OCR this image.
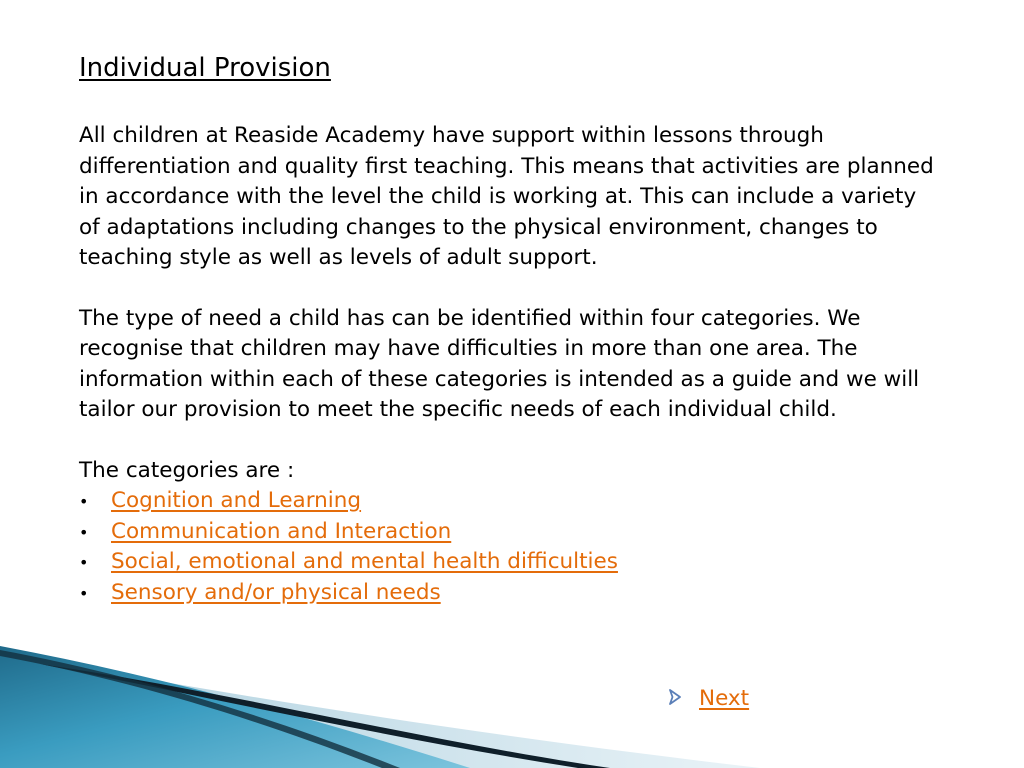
Individual Provision

All children at Reaside Academy have support within lessons through differentiation and quality first teaching. This means that activities are planned in accordance with the level the child is working at. This can include a variety of adaptations including changes to the physical environment, changes to teaching style as well as levels of adult support.

The type of need a child has can be identified within four categories. We recognise that children may have difficulties in more than one area. The information within each of these categories is intended as a guide and we will tailor our provision to meet the specific needs of each individual child.

The categories are :

•	Cognition and Learning
•	Communication and Interaction
•	Social, emotional and mental health difficulties
•	Sensory and/or physical needs
Next
